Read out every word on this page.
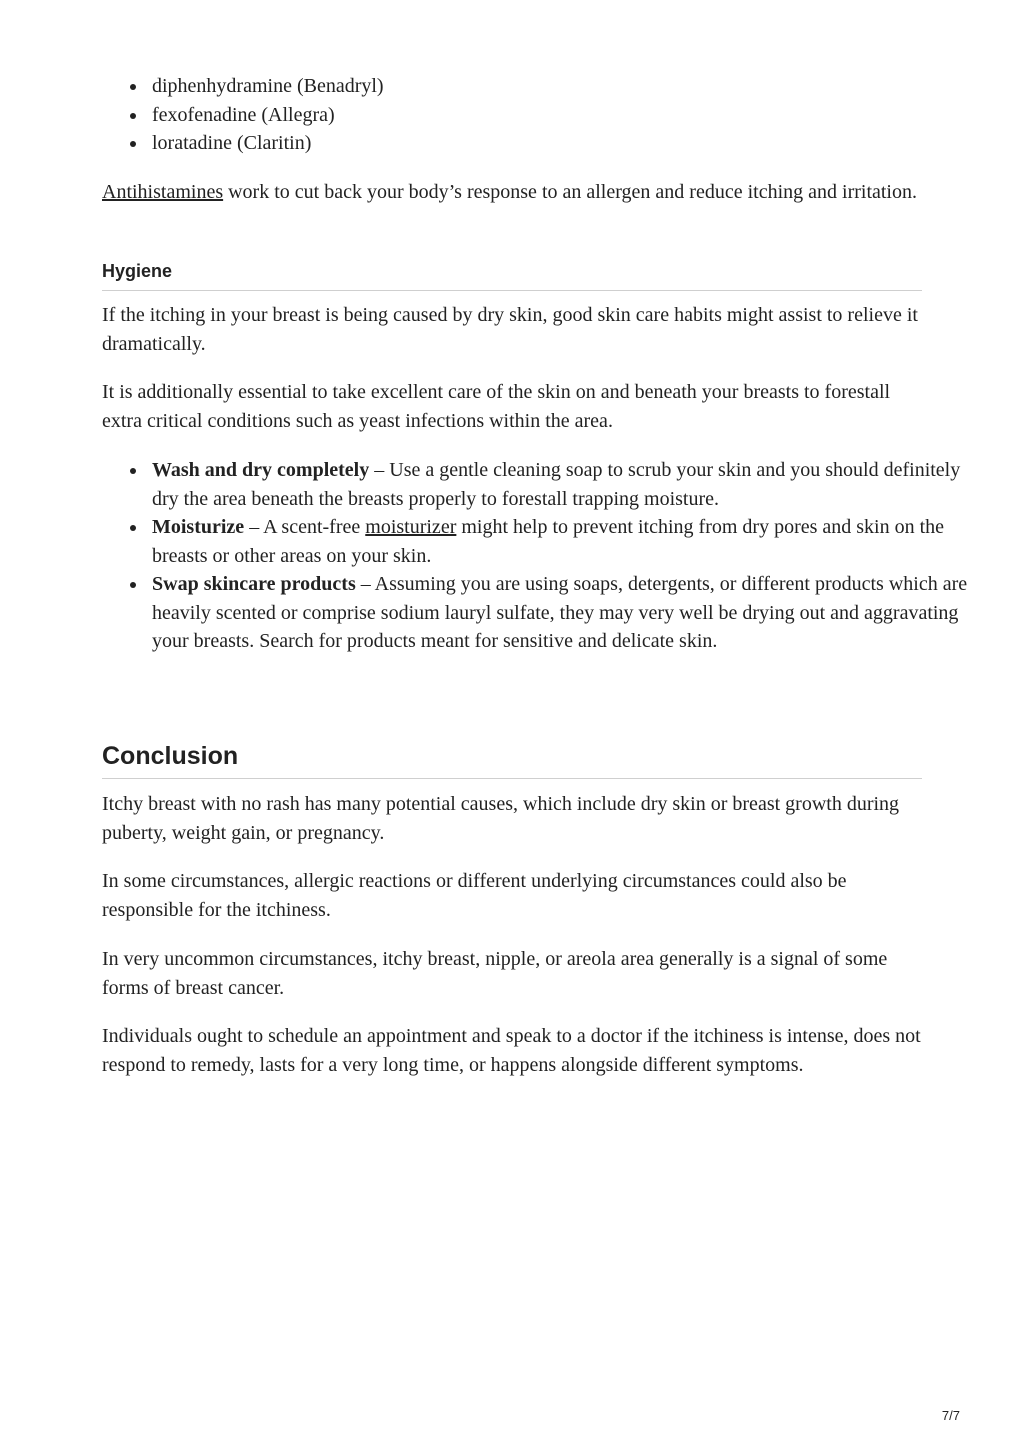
diphenhydramine (Benadryl)
fexofenadine (Allegra)
loratadine (Claritin)

Antihistamines work to cut back your body’s response to an allergen and reduce itching and irritation.

Hygiene

If the itching in your breast is being caused by dry skin, good skin care habits might assist to relieve it dramatically.

It is additionally essential to take excellent care of the skin on and beneath your breasts to forestall extra critical conditions such as yeast infections within the area.

Wash and dry completely – Use a gentle cleaning soap to scrub your skin and you should definitely dry the area beneath the breasts properly to forestall trapping moisture.
Moisturize – A scent-free moisturizer might help to prevent itching from dry pores and skin on the breasts or other areas on your skin.
Swap skincare products – Assuming you are using soaps, detergents, or different products which are heavily scented or comprise sodium lauryl sulfate, they may very well be drying out and aggravating your breasts. Search for products meant for sensitive and delicate skin.
Conclusion

Itchy breast with no rash has many potential causes, which include dry skin or breast growth during puberty, weight gain, or pregnancy.

In some circumstances, allergic reactions or different underlying circumstances could also be responsible for the itchiness.

In very uncommon circumstances, itchy breast, nipple, or areola area generally is a signal of some forms of breast cancer.

Individuals ought to schedule an appointment and speak to a doctor if the itchiness is intense, does not respond to remedy, lasts for a very long time, or happens alongside different symptoms.

7/7
